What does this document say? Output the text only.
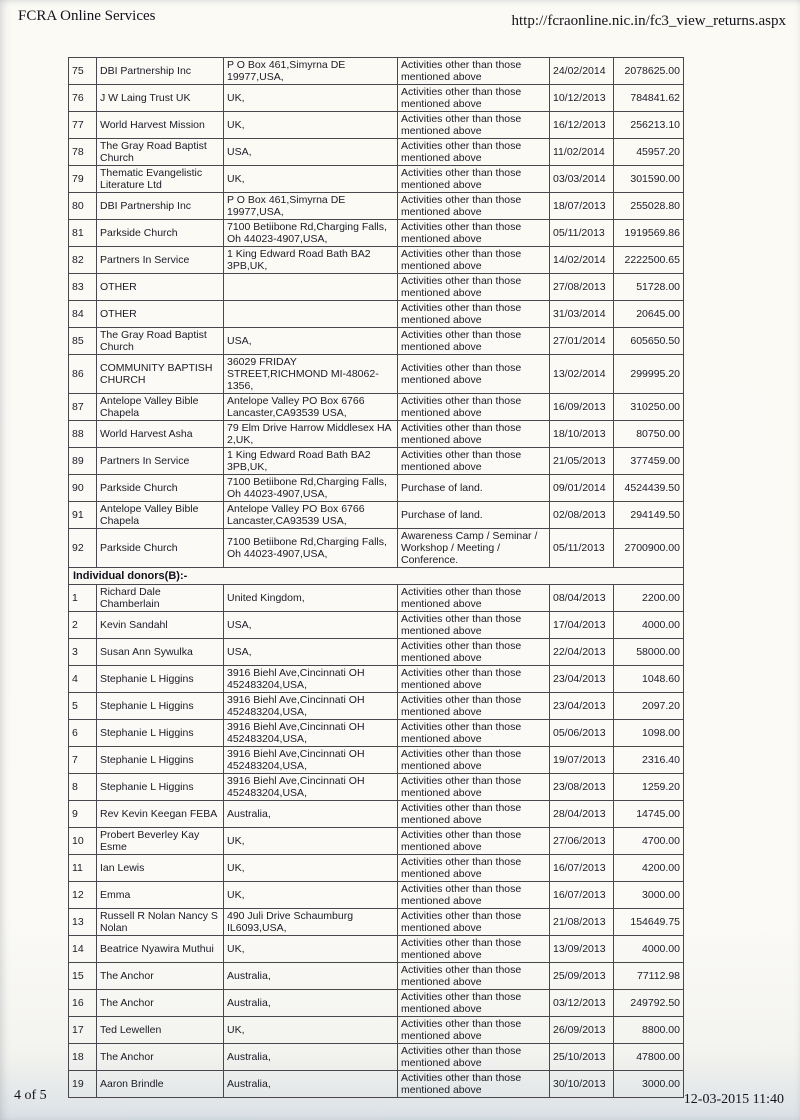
FCRA Online Services	http://fcraonline.nic.in/fc3_view_returns.aspx
75	DBI Partnership Inc	P O Box 461,Simyrna DE 19977,USA,	Activities other than those mentioned above	24/02/2014	2078625.00
76	J W Laing Trust UK	UK,	Activities other than those mentioned above	10/12/2013	784841.62
77	World Harvest Mission	UK,	Activities other than those mentioned above	16/12/2013	256213.10
78	The Gray Road Baptist Church	USA,	Activities other than those mentioned above	11/02/2014	45957.20
79	Thematic Evangelistic Literature Ltd	UK,	Activities other than those mentioned above	03/03/2014	301590.00
80	DBI Partnership Inc	P O Box 461,Simyrna DE 19977,USA,	Activities other than those mentioned above	18/07/2013	255028.80
81	Parkside Church	7100 Betiibone Rd,Charging Falls, Oh 44023-4907,USA,	Activities other than those mentioned above	05/11/2013	1919569.86
82	Partners In Service	1 King Edward Road Bath BA2 3PB,UK,	Activities other than those mentioned above	14/02/2014	2222500.65
83	OTHER		Activities other than those mentioned above	27/08/2013	51728.00
84	OTHER		Activities other than those mentioned above	31/03/2014	20645.00
85	The Gray Road Baptist Church	USA,	Activities other than those mentioned above	27/01/2014	605650.50
86	COMMUNITY BAPTISH CHURCH	36029 FRIDAY STREET,RICHMOND MI-48062-1356,	Activities other than those mentioned above	13/02/2014	299995.20
87	Antelope Valley Bible Chapela	Antelope Valley PO Box 6766 Lancaster,CA93539 USA,	Activities other than those mentioned above	16/09/2013	310250.00
88	World Harvest Asha	79 Elm Drive Harrow Middlesex HA 2,UK,	Activities other than those mentioned above	18/10/2013	80750.00
89	Partners In Service	1 King Edward Road Bath BA2 3PB,UK,	Activities other than those mentioned above	21/05/2013	377459.00
90	Parkside Church	7100 Betiibone Rd,Charging Falls, Oh 44023-4907,USA,	Purchase of land.	09/01/2014	4524439.50
91	Antelope Valley Bible Chapela	Antelope Valley PO Box 6766 Lancaster,CA93539 USA,	Purchase of land.	02/08/2013	294149.50
92	Parkside Church	7100 Betiibone Rd,Charging Falls, Oh 44023-4907,USA,	Awareness Camp / Seminar / Workshop / Meeting / Conference.	05/11/2013	2700900.00
Individual donors(B):-					
1	Richard Dale Chamberlain	United Kingdom,	Activities other than those mentioned above	08/04/2013	2200.00
2	Kevin Sandahl	USA,	Activities other than those mentioned above	17/04/2013	4000.00
3	Susan Ann Sywulka	USA,	Activities other than those mentioned above	22/04/2013	58000.00
4	Stephanie L Higgins	3916 Biehl Ave,Cincinnati OH 452483204,USA,	Activities other than those mentioned above	23/04/2013	1048.60
5	Stephanie L Higgins	3916 Biehl Ave,Cincinnati OH 452483204,USA,	Activities other than those mentioned above	23/04/2013	2097.20
6	Stephanie L Higgins	3916 Biehl Ave,Cincinnati OH 452483204,USA,	Activities other than those mentioned above	05/06/2013	1098.00
7	Stephanie L Higgins	3916 Biehl Ave,Cincinnati OH 452483204,USA,	Activities other than those mentioned above	19/07/2013	2316.40
8	Stephanie L Higgins	3916 Biehl Ave,Cincinnati OH 452483204,USA,	Activities other than those mentioned above	23/08/2013	1259.20
9	Rev Kevin Keegan FEBA	Australia,	Activities other than those mentioned above	28/04/2013	14745.00
10	Probert Beverley Kay Esme	UK,	Activities other than those mentioned above	27/06/2013	4700.00
11	Ian Lewis	UK,	Activities other than those mentioned above	16/07/2013	4200.00
12	Emma	UK,	Activities other than those mentioned above	16/07/2013	3000.00
13	Russell R Nolan Nancy S Nolan	490 Juli Drive Schaumburg IL6093,USA,	Activities other than those mentioned above	21/08/2013	154649.75
14	Beatrice Nyawira Muthui	UK,	Activities other than those mentioned above	13/09/2013	4000.00
15	The Anchor	Australia,	Activities other than those mentioned above	25/09/2013	77112.98
16	The Anchor	Australia,	Activities other than those mentioned above	03/12/2013	249792.50
17	Ted Lewellen	UK,	Activities other than those mentioned above	26/09/2013	8800.00
18	The Anchor	Australia,	Activities other than those mentioned above	25/10/2013	47800.00
19	Aaron Brindle	Australia,	Activities other than those mentioned above	30/10/2013	3000.00
4 of 5	12-03-2015 11:40
